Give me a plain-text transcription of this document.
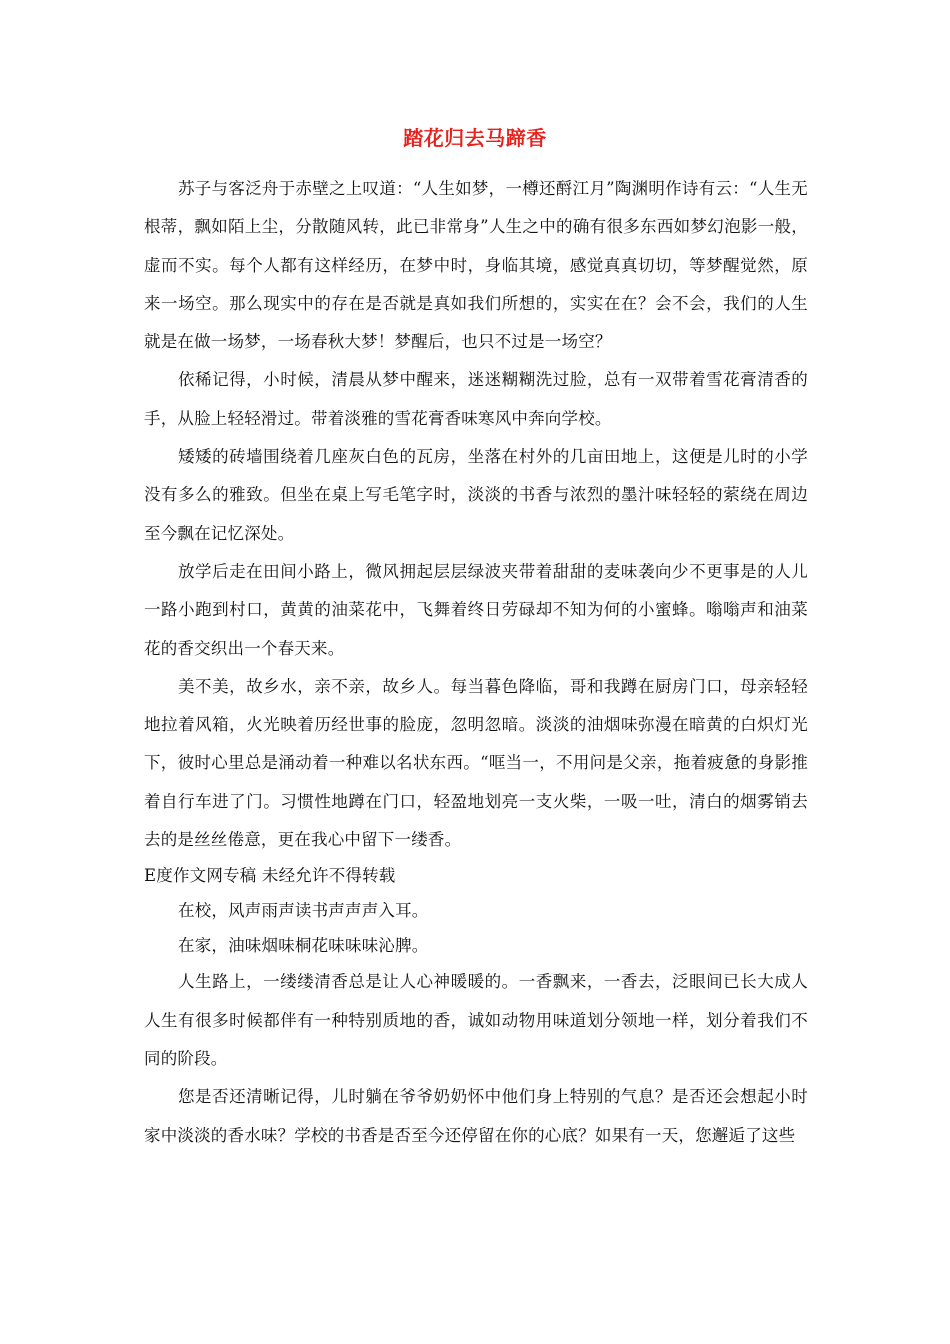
踏花归去马蹄香

苏子与客泛舟于赤壁之上叹道：“人生如梦，一樽还酹江月”陶渊明作诗有云：“人生无根蒂，飘如陌上尘，分散随风转，此已非常身”人生之中的确有很多东西如梦幻泡影一般，虚而不实。每个人都有这样经历，在梦中时，身临其境，感觉真真切切，等梦醒觉然，原来一场空。那么现实中的存在是否就是真如我们所想的，实实在在？会不会，我们的人生就是在做一场梦，一场春秋大梦！梦醒后，也只不过是一场空？

依稀记得，小时候，清晨从梦中醒来，迷迷糊糊洗过脸，总有一双带着雪花膏清香的手，从脸上轻轻滑过。带着淡雅的雪花膏香味寒风中奔向学校。

矮矮的砖墙围绕着几座灰白色的瓦房，坐落在村外的几亩田地上，这便是儿时的小学没有多么的雅致。但坐在桌上写毛笔字时，淡淡的书香与浓烈的墨汁味轻轻的萦绕在周边至今飘在记忆深处。

放学后走在田间小路上，微风拥起层层绿波夹带着甜甜的麦味袭向少不更事是的人儿一路小跑到村口，黄黄的油菜花中，飞舞着终日劳碌却不知为何的小蜜蜂。嗡嗡声和油菜花的香交织出一个春天来。

美不美，故乡水，亲不亲，故乡人。每当暮色降临，哥和我蹲在厨房门口，母亲轻轻地拉着风箱，火光映着历经世事的脸庞，忽明忽暗。淡淡的油烟味弥漫在暗黄的白炽灯光下，彼时心里总是涌动着一种难以名状东西。“哐当一，不用问是父亲，拖着疲惫的身影推着自行车进了门。习惯性地蹲在门口，轻盈地划亮一支火柴，一吸一吐，清白的烟雾销去去的是丝丝倦意，更在我心中留下一缕香。

E度作文网专稿 未经允许不得转载

在校，风声雨声读书声声声入耳。

在家，油味烟味桐花味味味沁脾。

人生路上，一缕缕清香总是让人心神暖暖的。一香飘来，一香去，泛眼间已长大成人人生有很多时候都伴有一种特别质地的香，诚如动物用味道划分领地一样，划分着我们不同的阶段。

您是否还清晰记得，儿时躺在爷爷奶奶怀中他们身上特别的气息？是否还会想起小时家中淡淡的香水味？学校的书香是否至今还停留在你的心底？如果有一天，您邂逅了这些
